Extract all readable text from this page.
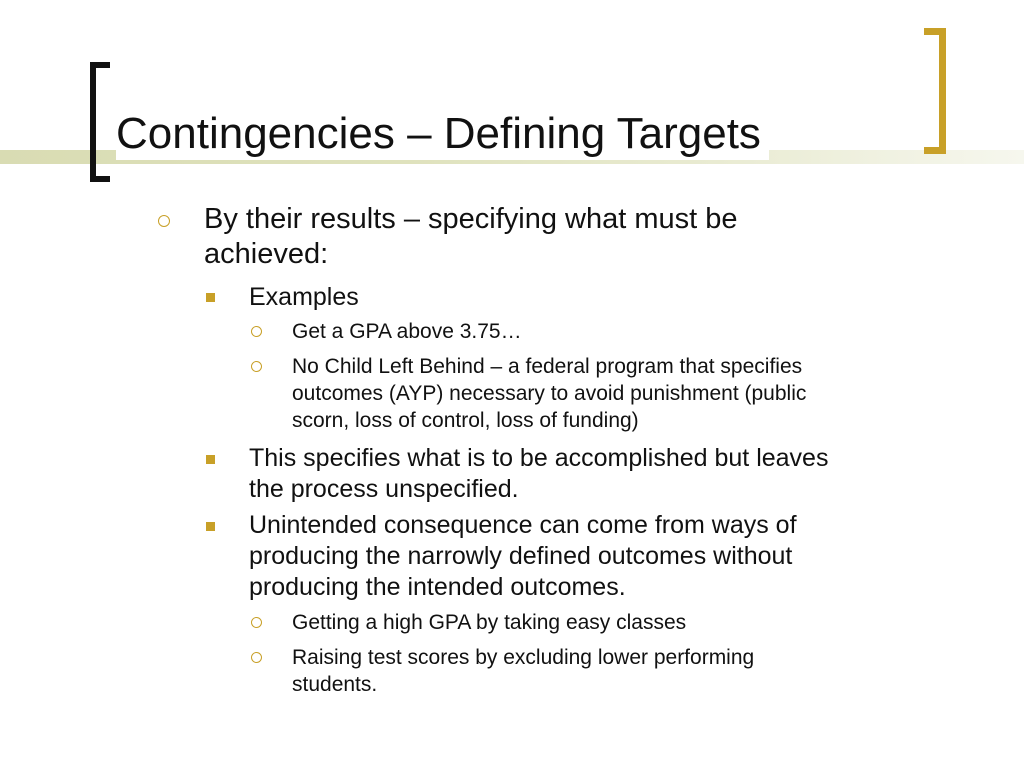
Contingencies – Defining Targets
By their results – specifying what must be
achieved:
Examples
Get a GPA above 3.75…
No Child Left Behind – a federal program that specifies
outcomes (AYP) necessary to avoid punishment (public
scorn, loss of control, loss of funding)
This specifies what is to be accomplished but leaves
the process unspecified.
Unintended consequence can come from ways of
producing the narrowly defined outcomes without
producing the intended outcomes.
Getting a high GPA by taking easy classes
Raising test scores by excluding lower performing
students.
